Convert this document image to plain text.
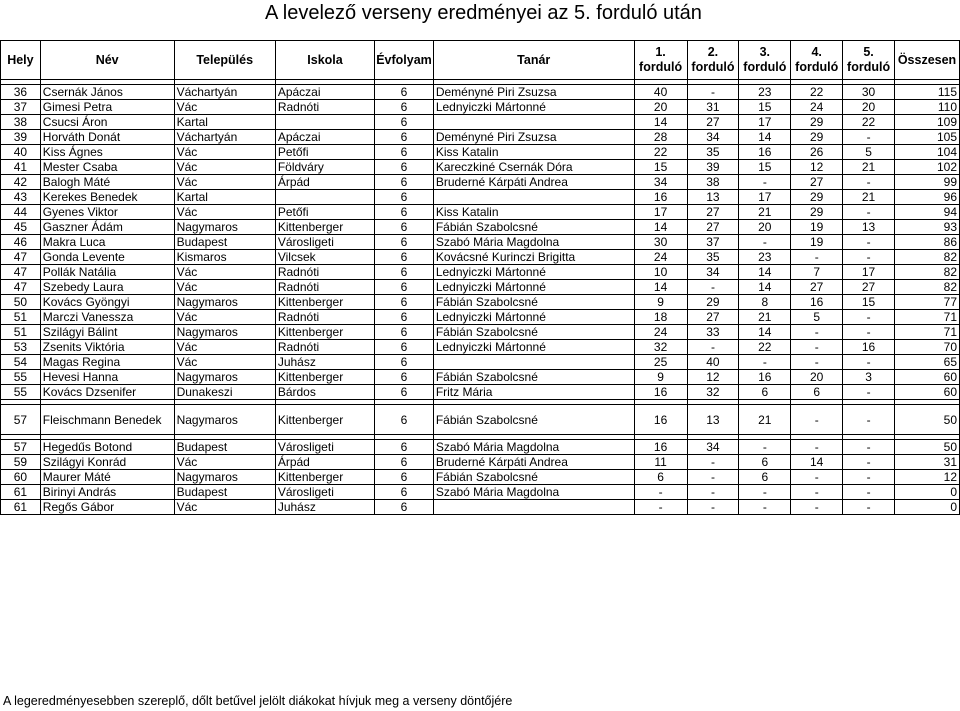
A levelező verseny eredményei az 5. forduló után
Hely	Név	Település	Iskola	Évfolyam	Tanár	1. forduló	2. forduló	3. forduló	4. forduló	5. forduló	Összesen

36	Csernák János	Váchartyán	Apáczai	6	Deményné Piri Zsuzsa	40	-	23	22	30	115
37	Gimesi Petra	Vác	Radnóti	6	Lednyiczki Mártonné	20	31	15	24	20	110
38	Csucsi Áron	Kartal		6		14	27	17	29	22	109
39	Horváth Donát	Váchartyán	Apáczai	6	Deményné Piri Zsuzsa	28	34	14	29	-	105
40	Kiss Ágnes	Vác	Petőfi	6	Kiss Katalin	22	35	16	26	5	104
41	Mester Csaba	Vác	Földváry	6	Kareczkiné Csernák Dóra	15	39	15	12	21	102
42	Balogh Máté	Vác	Árpád	6	Bruderné Kárpáti Andrea	34	38	-	27	-	99
43	Kerekes Benedek	Kartal		6		16	13	17	29	21	96
44	Gyenes Viktor	Vác	Petőfi	6	Kiss Katalin	17	27	21	29	-	94
45	Gaszner Ádám	Nagymaros	Kittenberger	6	Fábián Szabolcsné	14	27	20	19	13	93
46	Makra Luca	Budapest	Városligeti	6	Szabó Mária Magdolna	30	37	-	19	-	86
47	Gonda Levente	Kismaros	Vilcsek	6	Kovácsné Kurinczi Brigitta	24	35	23	-	-	82
47	Pollák Natália	Vác	Radnóti	6	Lednyiczki Mártonné	10	34	14	7	17	82
47	Szebedy Laura	Vác	Radnóti	6	Lednyiczki Mártonné	14	-	14	27	27	82
50	Kovács Gyöngyi	Nagymaros	Kittenberger	6	Fábián Szabolcsné	9	29	8	16	15	77
51	Marczi Vanessza	Vác	Radnóti	6	Lednyiczki Mártonné	18	27	21	5	-	71
51	Szilágyi Bálint	Nagymaros	Kittenberger	6	Fábián Szabolcsné	24	33	14	-	-	71
53	Zsenits Viktória	Vác	Radnóti	6	Lednyiczki Mártonné	32	-	22	-	16	70
54	Magas Regina	Vác	Juhász	6		25	40	-	-	-	65
55	Hevesi Hanna	Nagymaros	Kittenberger	6	Fábián Szabolcsné	9	12	16	20	3	60
55	Kovács Dzsenifer	Dunakeszi	Bárdos	6	Fritz Mária	16	32	6	6	-	60

57	Fleischmann Benedek	Nagymaros	Kittenberger	6	Fábián Szabolcsné	16	13	21	-	-	50

57	Hegedűs Botond	Budapest	Városligeti	6	Szabó Mária Magdolna	16	34	-	-	-	50
59	Szilágyi Konrád	Vác	Árpád	6	Bruderné Kárpáti Andrea	11	-	6	14	-	31
60	Maurer Máté	Nagymaros	Kittenberger	6	Fábián Szabolcsné	6	-	6	-	-	12
61	Birinyi András	Budapest	Városligeti	6	Szabó Mária Magdolna	-	-	-	-	-	0
61	Regős Gábor	Vác	Juhász	6		-	-	-	-	-	0
A legeredményesebben szereplő, dőlt betűvel jelölt diákokat hívjuk meg a verseny döntőjére
